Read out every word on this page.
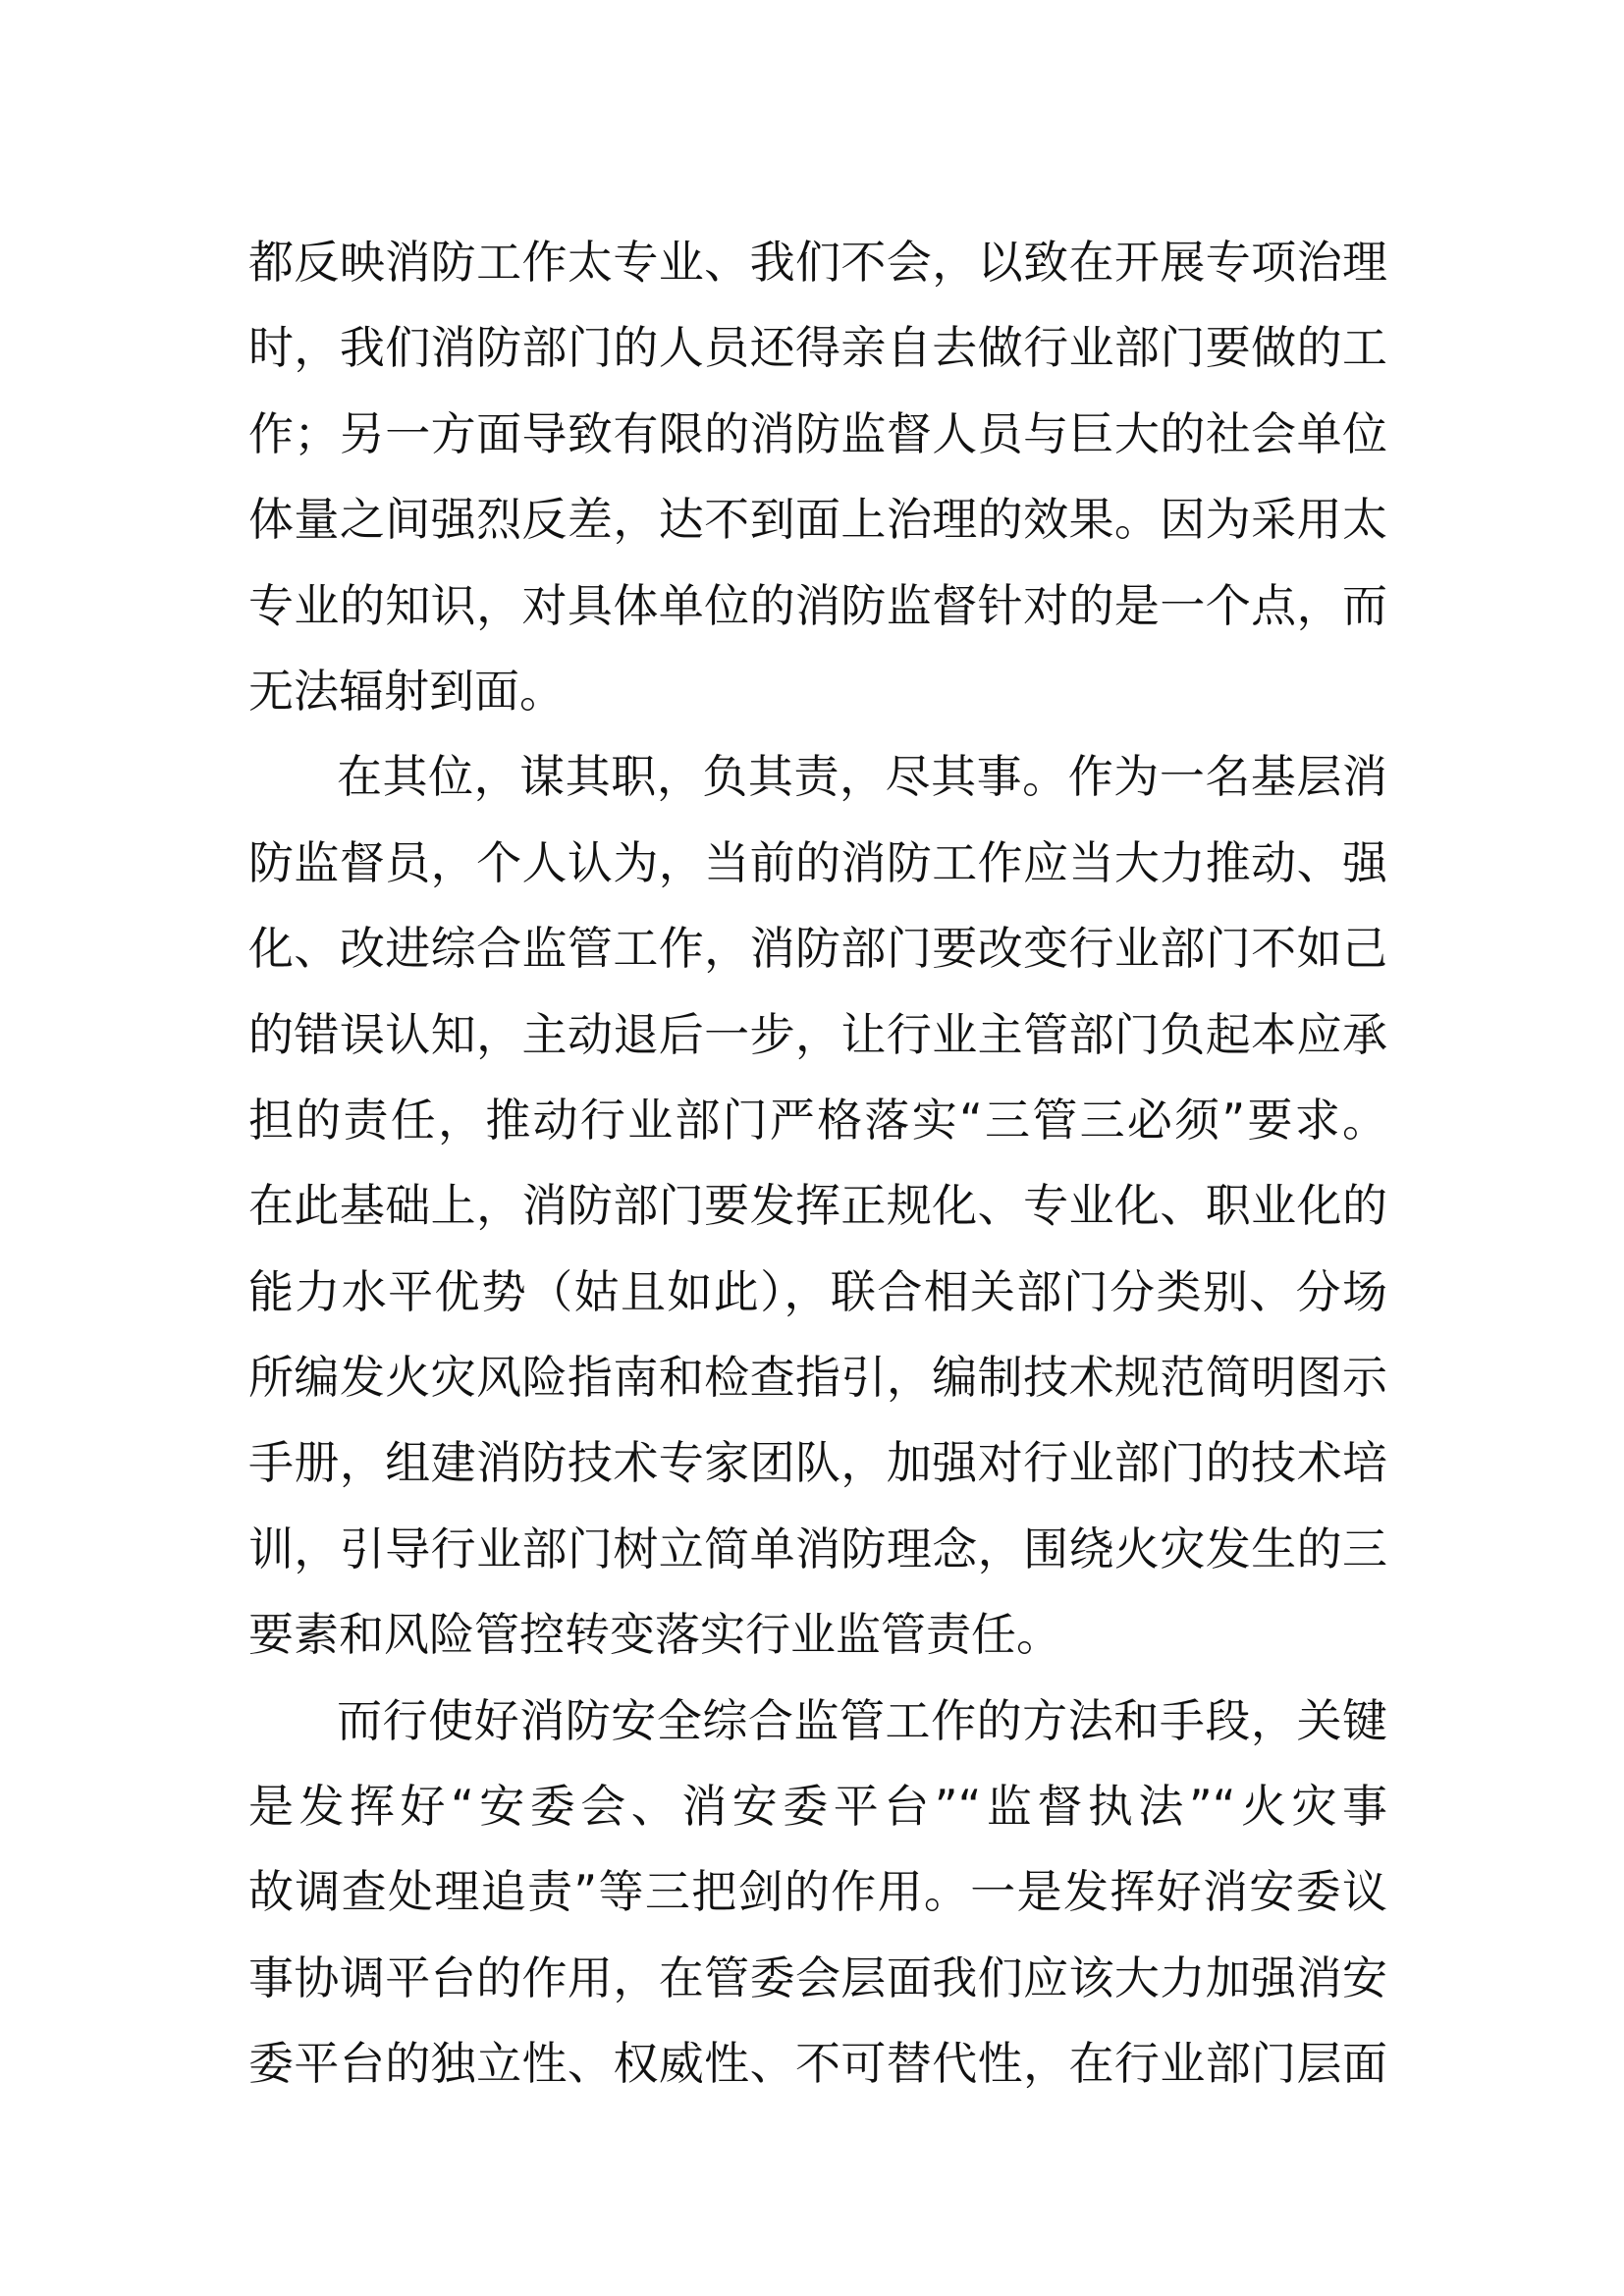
都反映消防工作太专业、我们不会，以致在开展专项治理
时，我们消防部门的人员还得亲自去做行业部门要做的工
作；另一方面导致有限的消防监督人员与巨大的社会单位
体量之间强烈反差，达不到面上治理的效果。因为采用太
专业的知识，对具体单位的消防监督针对的是一个点，而
无法辐射到面。
在其位，谋其职，负其责，尽其事。作为一名基层消
防监督员，个人认为，当前的消防工作应当大力推动、强
化、改进综合监管工作，消防部门要改变行业部门不如己
的错误认知，主动退后一步，让行业主管部门负起本应承
担的责任，推动行业部门严格落实“三管三必须”要求。
在此基础上，消防部门要发挥正规化、专业化、职业化的
能力水平优势（姑且如此），联合相关部门分类别、分场
所编发火灾风险指南和检查指引，编制技术规范简明图示
手册，组建消防技术专家团队，加强对行业部门的技术培
训，引导行业部门树立简单消防理念，围绕火灾发生的三
要素和风险管控转变落实行业监管责任。
而行使好消防安全综合监管工作的方法和手段，关键
是发挥好“安委会、消安委平台”“监督执法”“火灾事
故调查处理追责”等三把剑的作用。一是发挥好消安委议
事协调平台的作用，在管委会层面我们应该大力加强消安
委平台的独立性、权威性、不可替代性，在行业部门层面
